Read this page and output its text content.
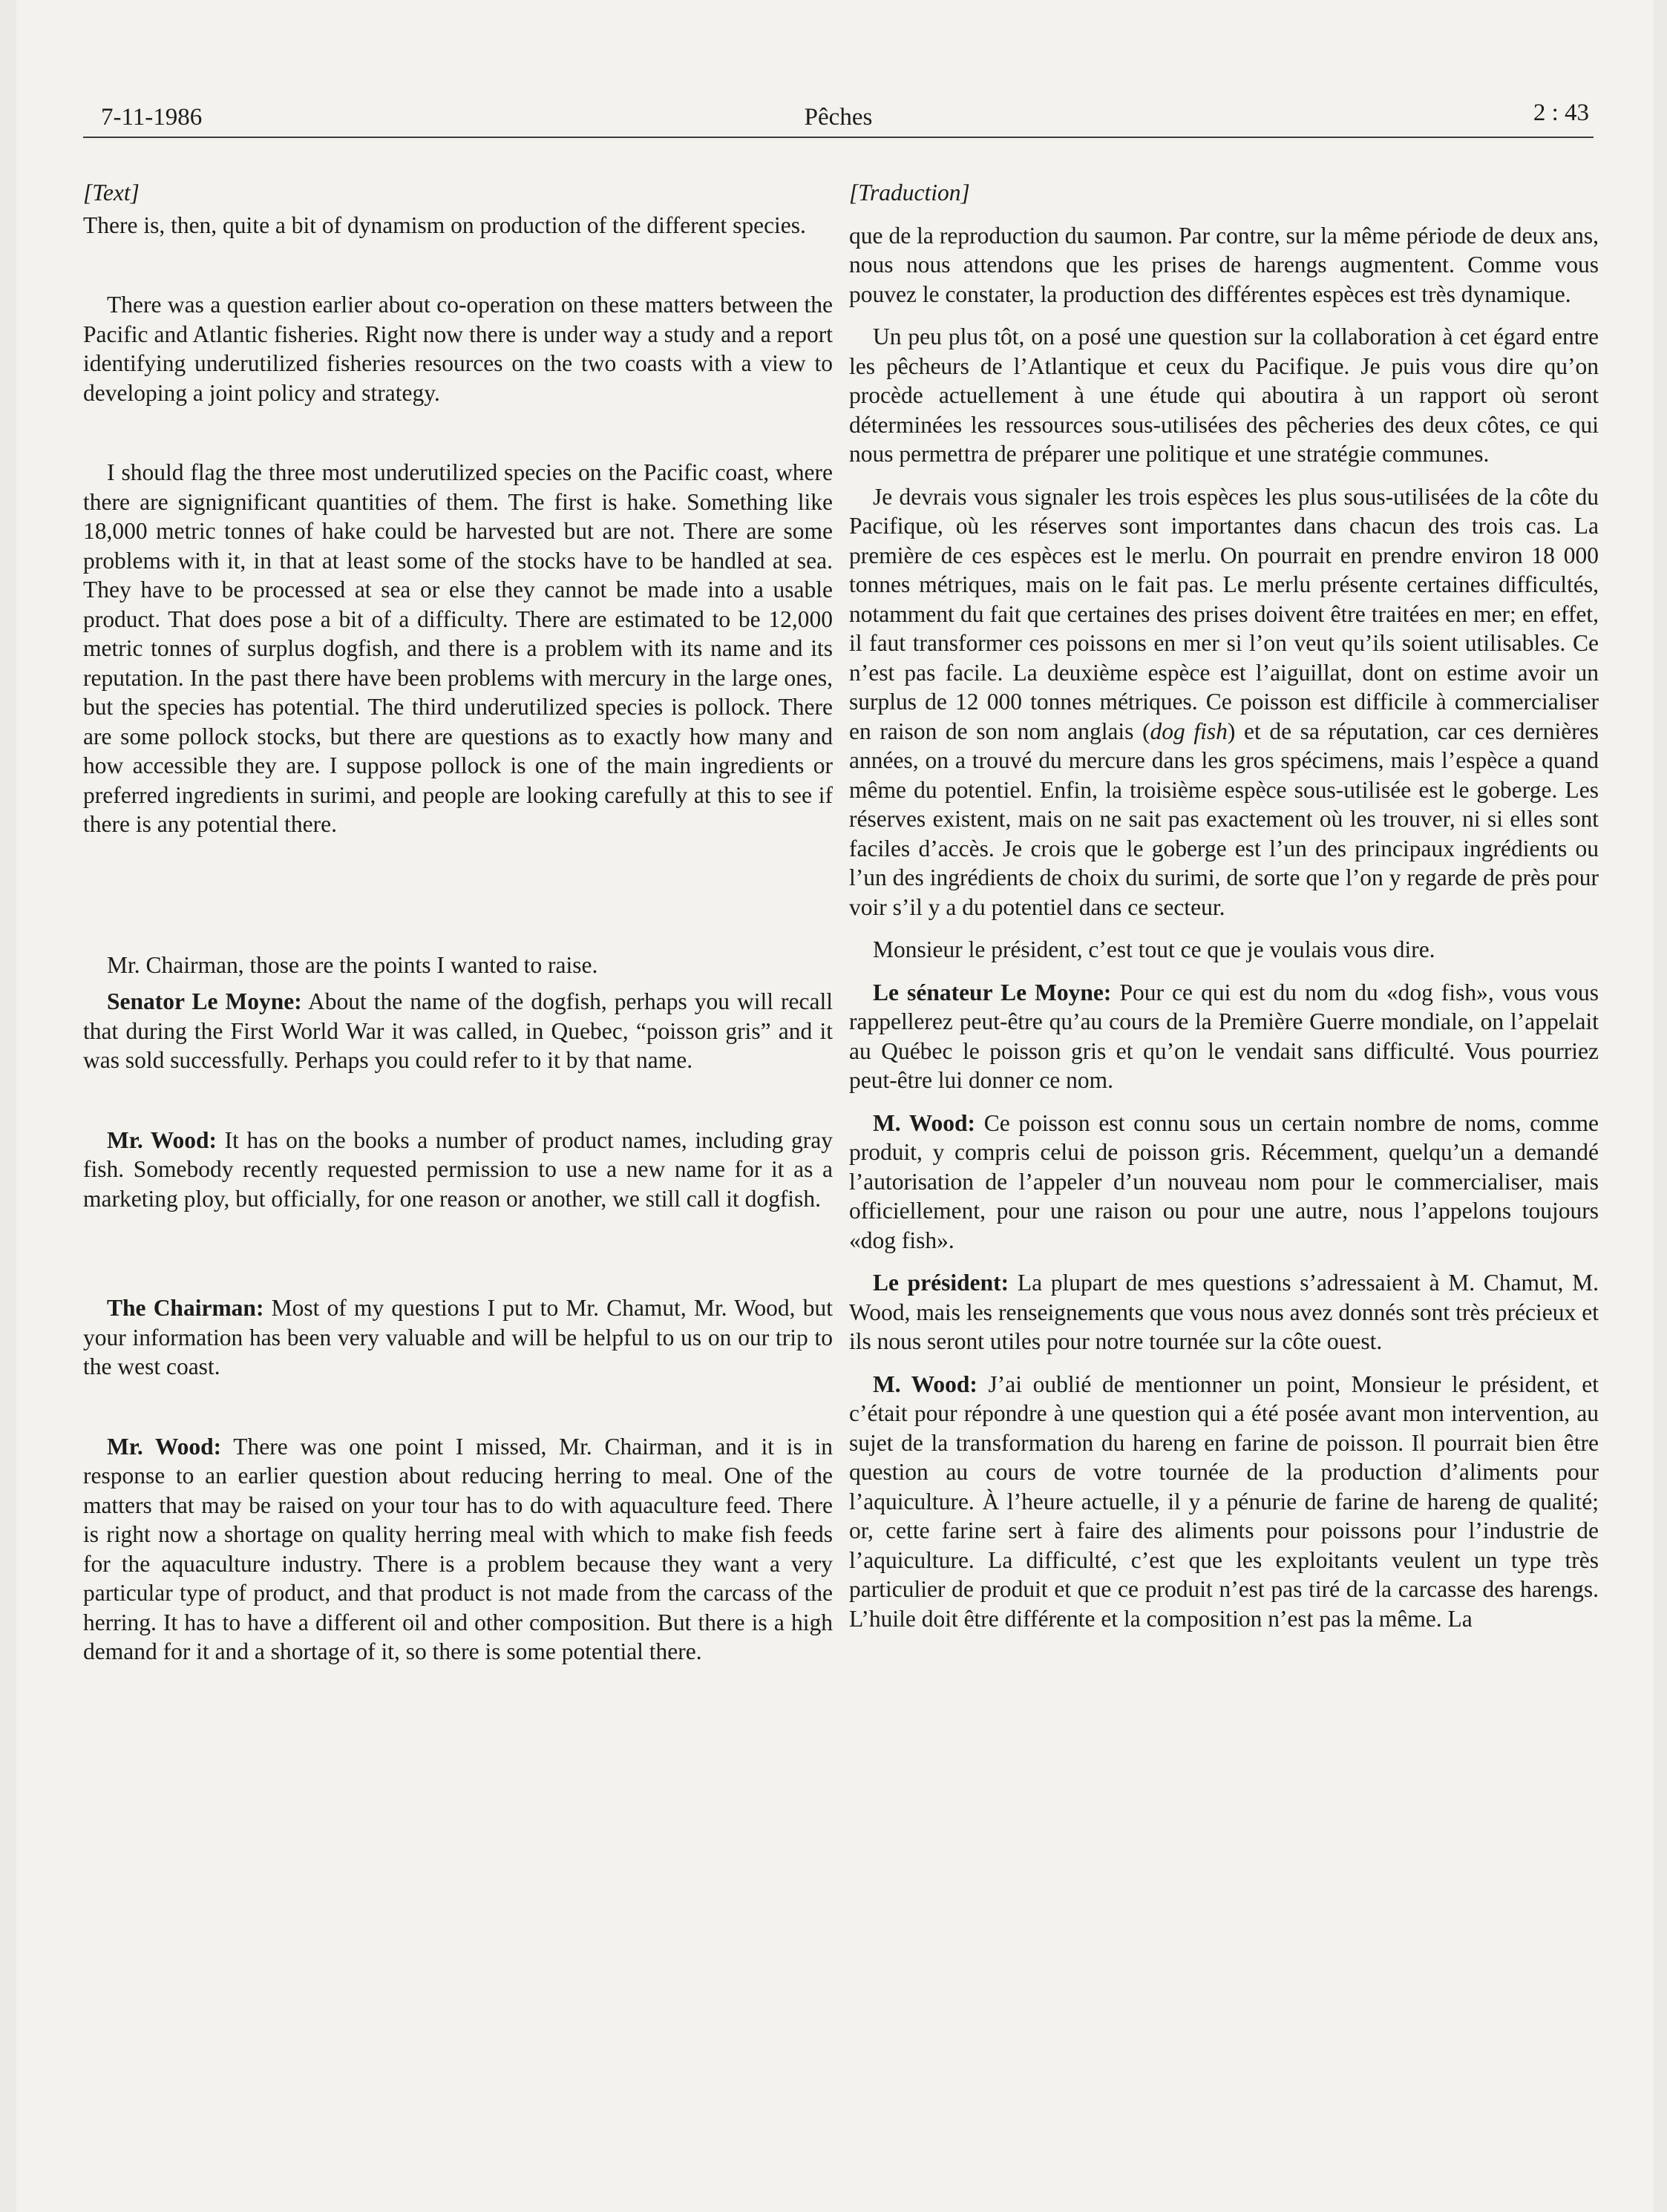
7-11-1986	Pêches	2 : 43

[Text]

There is, then, quite a bit of dynamism on production of the different species.

There was a question earlier about co-operation on these matters between the Pacific and Atlantic fisheries. Right now there is under way a study and a report identifying underutilized fisheries resources on the two coasts with a view to developing a joint policy and strategy.

I should flag the three most underutilized species on the Pacific coast, where there are signignificant quantities of them. The first is hake. Something like 18,000 metric tonnes of hake could be harvested but are not. There are some problems with it, in that at least some of the stocks have to be handled at sea. They have to be processed at sea or else they cannot be made into a usable product. That does pose a bit of a difficulty. There are estimated to be 12,000 metric tonnes of surplus dogfish, and there is a problem with its name and its reputation. In the past there have been problems with mercury in the large ones, but the species has potential. The third underutilized species is pollock. There are some pollock stocks, but there are questions as to exactly how many and how accessible they are. I suppose pollock is one of the main ingredients or preferred ingredients in surimi, and people are looking carefully at this to see if there is any potential there.

Mr. Chairman, those are the points I wanted to raise.

Senator Le Moyne: About the name of the dogfish, perhaps you will recall that during the First World War it was called, in Quebec, “poisson gris” and it was sold successfully. Perhaps you could refer to it by that name.

Mr. Wood: It has on the books a number of product names, including gray fish. Somebody recently requested permission to use a new name for it as a marketing ploy, but officially, for one reason or another, we still call it dogfish.

The Chairman: Most of my questions I put to Mr. Chamut, Mr. Wood, but your information has been very valuable and will be helpful to us on our trip to the west coast.

Mr. Wood: There was one point I missed, Mr. Chairman, and it is in response to an earlier question about reducing herring to meal. One of the matters that may be raised on your tour has to do with aquaculture feed. There is right now a shortage on quality herring meal with which to make fish feeds for the aquaculture industry. There is a problem because they want a very particular type of product, and that product is not made from the carcass of the herring. It has to have a different oil and other composition. But there is a high demand for it and a shortage of it, so there is some potential there.

[Traduction]

que de la reproduction du saumon. Par contre, sur la même période de deux ans, nous nous attendons que les prises de harengs augmentent. Comme vous pouvez le constater, la production des différentes espèces est très dynamique.

Un peu plus tôt, on a posé une question sur la collaboration à cet égard entre les pêcheurs de l’Atlantique et ceux du Pacifique. Je puis vous dire qu’on procède actuellement à une étude qui aboutira à un rapport où seront déterminées les ressources sous-utilisées des pêcheries des deux côtes, ce qui nous permettra de préparer une politique et une stratégie communes.

Je devrais vous signaler les trois espèces les plus sous-utilisées de la côte du Pacifique, où les réserves sont importantes dans chacun des trois cas. La première de ces espèces est le merlu. On pourrait en prendre environ 18 000 tonnes métriques, mais on le fait pas. Le merlu présente certaines difficultés, notamment du fait que certaines des prises doivent être traitées en mer; en effet, il faut transformer ces poissons en mer si l’on veut qu’ils soient utilisables. Ce n’est pas facile. La deuxième espèce est l’aiguillat, dont on estime avoir un surplus de 12 000 tonnes métriques. Ce poisson est difficile à commercialiser en raison de son nom anglais (dog fish) et de sa réputation, car ces dernières années, on a trouvé du mercure dans les gros spécimens, mais l’espèce a quand même du potentiel. Enfin, la troisième espèce sous-utilisée est le goberge. Les réserves existent, mais on ne sait pas exactement où les trouver, ni si elles sont faciles d’accès. Je crois que le goberge est l’un des principaux ingrédients ou l’un des ingrédients de choix du surimi, de sorte que l’on y regarde de près pour voir s’il y a du potentiel dans ce secteur.

Monsieur le président, c’est tout ce que je voulais vous dire.

Le sénateur Le Moyne: Pour ce qui est du nom du «dog fish», vous vous rappellerez peut-être qu’au cours de la Première Guerre mondiale, on l’appelait au Québec le poisson gris et qu’on le vendait sans difficulté. Vous pourriez peut-être lui donner ce nom.

M. Wood: Ce poisson est connu sous un certain nombre de noms, comme produit, y compris celui de poisson gris. Récemment, quelqu’un a demandé l’autorisation de l’appeler d’un nouveau nom pour le commercialiser, mais officiellement, pour une raison ou pour une autre, nous l’appelons toujours «dog fish».

Le président: La plupart de mes questions s’adressaient à M. Chamut, M. Wood, mais les renseignements que vous nous avez donnés sont très précieux et ils nous seront utiles pour notre tournée sur la côte ouest.

M. Wood: J’ai oublié de mentionner un point, Monsieur le président, et c’était pour répondre à une question qui a été posée avant mon intervention, au sujet de la transformation du hareng en farine de poisson. Il pourrait bien être question au cours de votre tournée de la production d’aliments pour l’aquiculture. À l’heure actuelle, il y a pénurie de farine de hareng de qualité; or, cette farine sert à faire des aliments pour poissons pour l’industrie de l’aquiculture. La difficulté, c’est que les exploitants veulent un type très particulier de produit et que ce produit n’est pas tiré de la carcasse des harengs. L’huile doit être différente et la composition n’est pas la même. La
